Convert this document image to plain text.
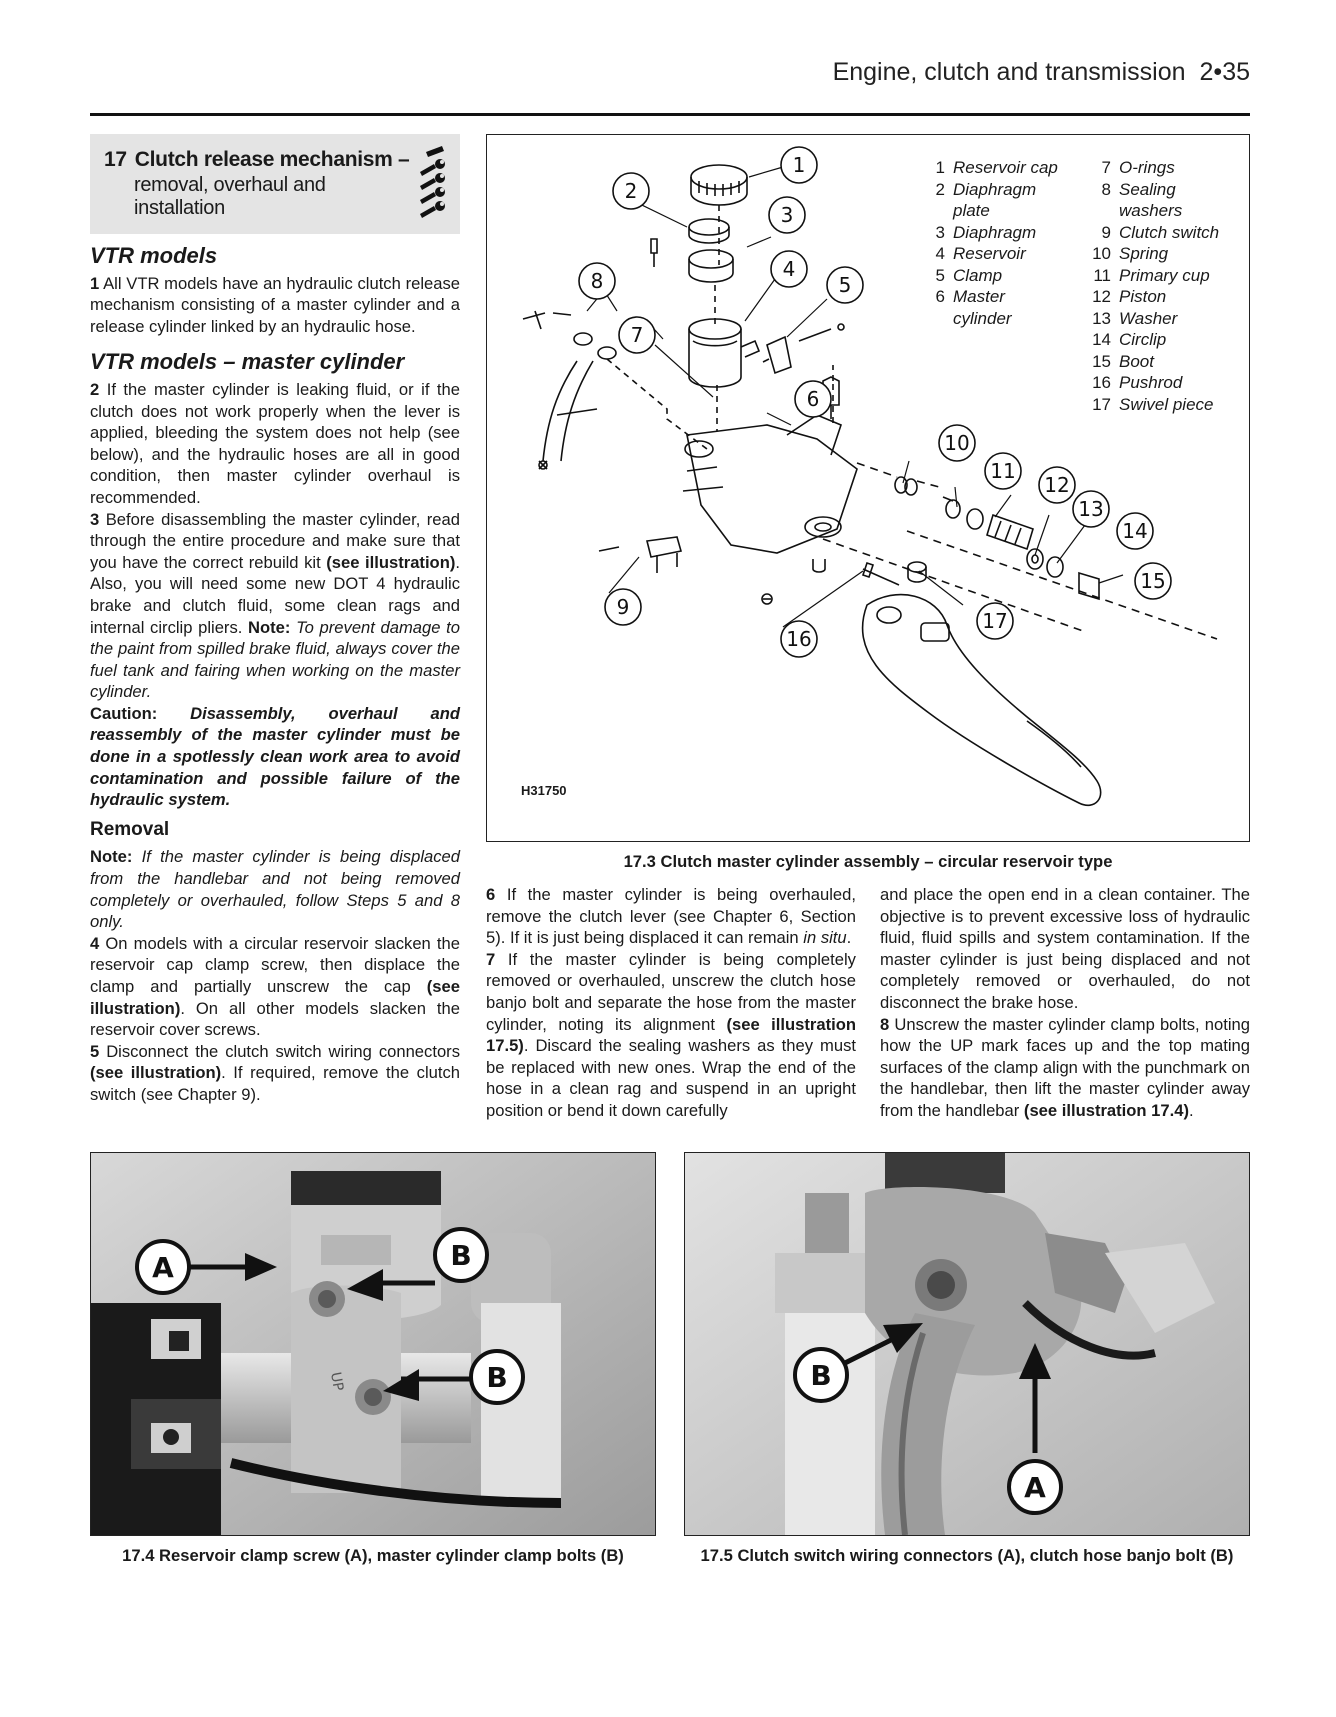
Engine, clutch and transmission 2•35
17 Clutch release mechanism –
removal, overhaul and installation
VTR models

1 All VTR models have an hydraulic clutch release mechanism consisting of a master cylinder and a release cylinder linked by an hydraulic hose.

VTR models – master cylinder

2 If the master cylinder is leaking fluid, or if the clutch does not work properly when the lever is applied, bleeding the system does not help (see below), and the hydraulic hoses are all in good condition, then master cylinder overhaul is recommended.

3 Before disassembling the master cylinder, read through the entire procedure and make sure that you have the correct rebuild kit (see illustration). Also, you will need some new DOT 4 hydraulic brake and clutch fluid, some clean rags and internal circlip pliers. Note: To prevent damage to the paint from spilled brake fluid, always cover the fuel tank and fairing when working on the master cylinder.

Caution: Disassembly, overhaul and reassembly of the master cylinder must be done in a spotlessly clean work area to avoid contamination and possible failure of the hydraulic system.

Removal

Note: If the master cylinder is being displaced from the handlebar and not being removed completely or overhauled, follow Steps 5 and 8 only.

4 On models with a circular reservoir slacken the reservoir cap clamp screw, then displace the clamp and partially unscrew the cap (see illustration). On all other models slacken the reservoir cover screws.

5 Disconnect the clutch switch wiring connectors (see illustration). If required, remove the clutch switch (see Chapter 9).

1
2
3
4
5
6
7
8
9
10
11
12
13
14
15
16
17
1 Reservoir cap
2 Diaphragm
plate
3 Diaphragm
4 Reservoir
5 Clamp
6 Master
cylinder
7 O-rings
8 Sealing
washers
9 Clutch switch
10 Spring
11 Primary cup
12 Piston
13 Washer
14 Circlip
15 Boot
16 Pushrod
17 Swivel piece
H31750
17.3 Clutch master cylinder assembly – circular reservoir type

6 If the master cylinder is being overhauled, remove the clutch lever (see Chapter 6, Section 5). If it is just being displaced it can remain in situ.

7 If the master cylinder is being completely removed or overhauled, unscrew the clutch hose banjo bolt and separate the hose from the master cylinder, noting its alignment (see illustration 17.5). Discard the sealing washers as they must be replaced with new ones. Wrap the end of the hose in a clean rag and suspend in an upright position or bend it down carefully

and place the open end in a clean container. The objective is to prevent excessive loss of hydraulic fluid, fluid spills and system contamination. If the master cylinder is just being displaced and not completely removed or overhauled, do not disconnect the brake hose.

8 Unscrew the master cylinder clamp bolts, noting how the UP mark faces up and the top mating surfaces of the clamp align with the punchmark on the handlebar, then lift the master cylinder away from the handlebar (see illustration 17.4).

UP
A	B
B
17.4 Reservoir clamp screw (A), master cylinder clamp bolts (B)
B
A
17.5 Clutch switch wiring connectors (A), clutch hose banjo bolt (B)
